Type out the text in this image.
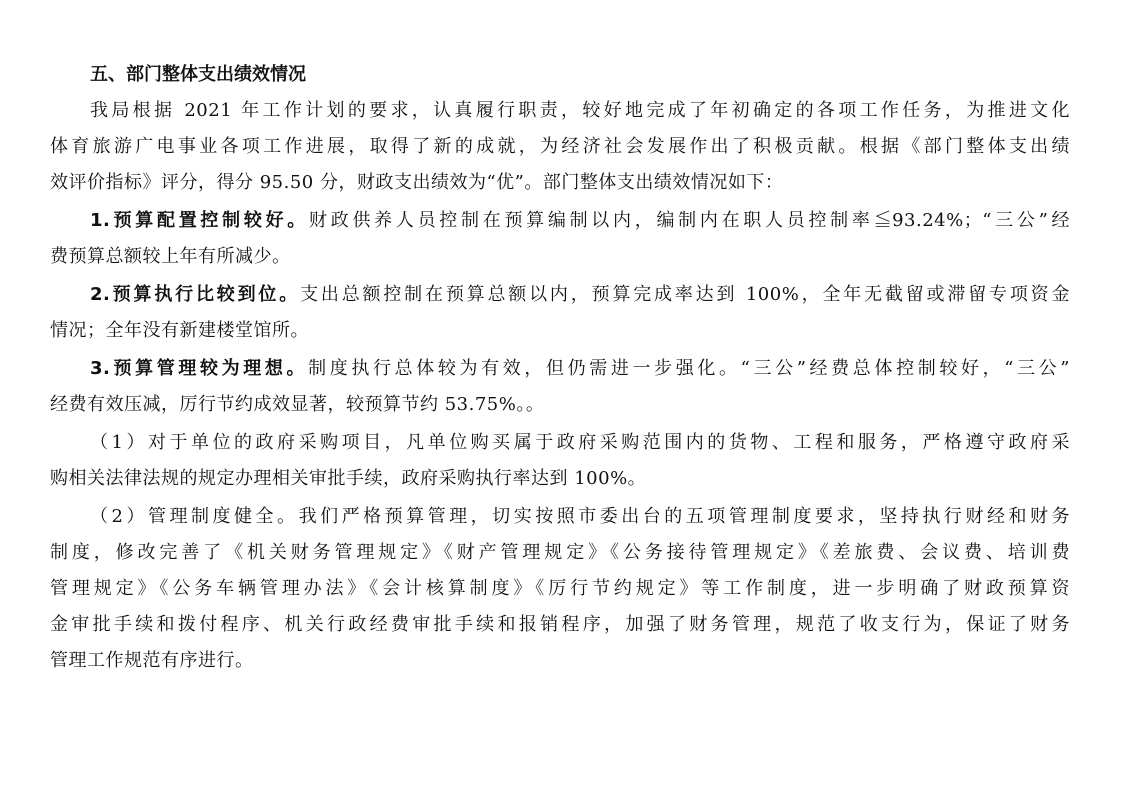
五、部门整体支出绩效情况
我局根据 2021 年工作计划的要求，认真履行职责，较好地完成了年初确定的各项工作任务，为推进文化
体育旅游广电事业各项工作进展，取得了新的成就，为经济社会发展作出了积极贡献。根据《部门整体支出绩
效评价指标》评分，得分 95.50 分，财政支出绩效为“优”。部门整体支出绩效情况如下：
1.预算配置控制较好。财政供养人员控制在预算编制以内，编制内在职人员控制率≦93.24%；“三公”经
费预算总额较上年有所减少。
2.预算执行比较到位。支出总额控制在预算总额以内，预算完成率达到 100%，全年无截留或滞留专项资金
情况；全年没有新建楼堂馆所。
3.预算管理较为理想。制度执行总体较为有效，但仍需进一步强化。“三公”经费总体控制较好，“三公”
经费有效压减，厉行节约成效显著，较预算节约 53.75%。。
（1）对于单位的政府采购项目，凡单位购买属于政府采购范围内的货物、工程和服务，严格遵守政府采
购相关法律法规的规定办理相关审批手续，政府采购执行率达到 100%。
（2）管理制度健全。我们严格预算管理，切实按照市委出台的五项管理制度要求，坚持执行财经和财务
制度，修改完善了《机关财务管理规定》《财产管理规定》《公务接待管理规定》《差旅费、会议费、培训费
管理规定》《公务车辆管理办法》《会计核算制度》《厉行节约规定》等工作制度，进一步明确了财政预算资
金审批手续和拨付程序、机关行政经费审批手续和报销程序，加强了财务管理，规范了收支行为，保证了财务
管理工作规范有序进行。
